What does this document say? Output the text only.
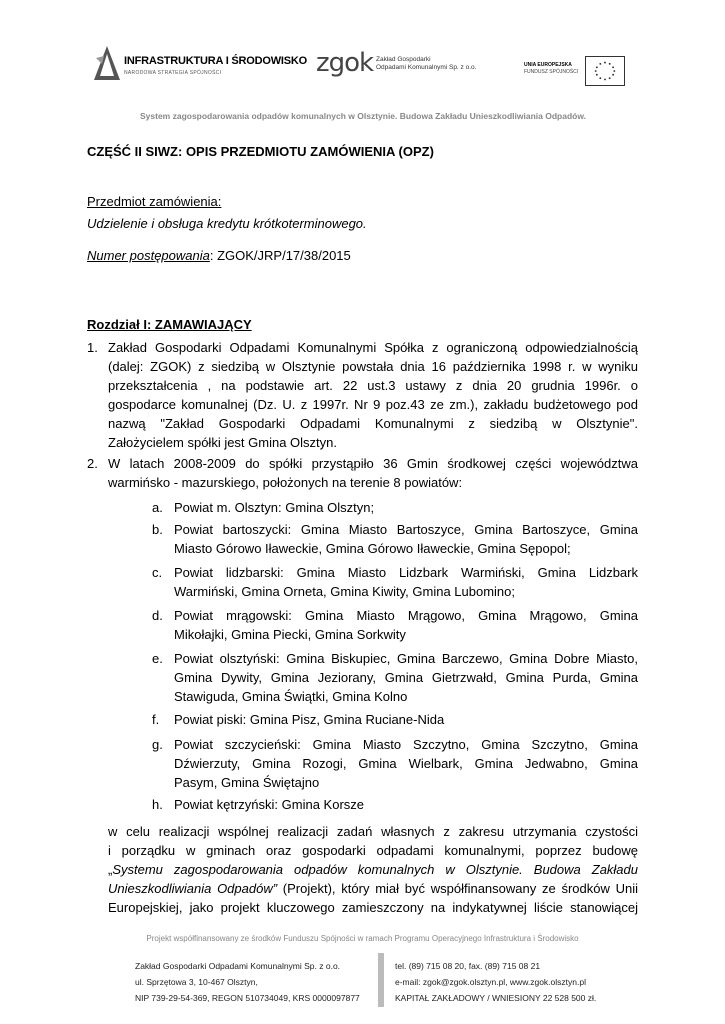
INFRASTRUKTURA I ŚRODOWISKO
NARODOWA STRATEGIA SPÓJNOŚCI	zgok Zakład Gospodarki
Odpadami Komunalnymi Sp. z o.o.	UNIA EUROPEJSKA
FUNDUSZ SPÓJNOŚCI
System zagospodarowania odpadów komunalnych w Olsztynie. Budowa Zakładu Unieszkodliwiania Odpadów.
CZĘŚĆ II SIWZ: OPIS PRZEDMIOTU ZAMÓWIENIA (OPZ)
Przedmiot zamówienia:
Udzielenie i obsługa kredytu krótkoterminowego.
Numer postępowania: ZGOK/JRP/17/38/2015
Rozdział I: ZAMAWIAJĄCY
1. Zakład Gospodarki Odpadami Komunalnymi Spółka z ograniczoną odpowiedzialnością
(dalej: ZGOK) z siedzibą w Olsztynie powstała dnia 16 października 1998 r. w wyniku
przekształcenia , na podstawie art. 22 ust.3 ustawy z dnia 20 grudnia 1996r. o
gospodarce komunalnej (Dz. U. z 1997r. Nr 9 poz.43 ze zm.), zakładu budżetowego pod
nazwą "Zakład Gospodarki Odpadami Komunalnymi z siedzibą w Olsztynie".
Założycielem spółki jest Gmina Olsztyn.
2. W latach 2008-2009 do spółki przystąpiło 36 Gmin środkowej części województwa
warmińsko - mazurskiego, położonych na terenie 8 powiatów:
a. Powiat m. Olsztyn: Gmina Olsztyn;
b. Powiat bartoszycki: Gmina Miasto Bartoszyce, Gmina Bartoszyce, Gmina
Miasto Górowo Iławeckie, Gmina Górowo Iławeckie, Gmina Sępopol;
c. Powiat lidzbarski: Gmina Miasto Lidzbark Warmiński, Gmina Lidzbark
Warmiński, Gmina Orneta, Gmina Kiwity, Gmina Lubomino;
d. Powiat mrągowski: Gmina Miasto Mrągowo, Gmina Mrągowo, Gmina
Mikołajki, Gmina Piecki, Gmina Sorkwity
e. Powiat olsztyński: Gmina Biskupiec, Gmina Barczewo, Gmina Dobre Miasto,
Gmina Dywity, Gmina Jeziorany, Gmina Gietrzwałd, Gmina Purda, Gmina
Stawiguda, Gmina Świątki, Gmina Kolno
f. Powiat piski: Gmina Pisz, Gmina Ruciane-Nida
g. Powiat szczycieński: Gmina Miasto Szczytno, Gmina Szczytno, Gmina
Dźwierzuty, Gmina Rozogi, Gmina Wielbark, Gmina Jedwabno, Gmina
Pasym, Gmina Świętajno
h. Powiat kętrzyński: Gmina Korsze
w celu realizacji wspólnej realizacji zadań własnych z zakresu utrzymania czystości
i porządku w gminach oraz gospodarki odpadami komunalnymi, poprzez budowę
„Systemu zagospodarowania odpadów komunalnych w Olsztynie. Budowa Zakładu
Unieszkodliwiania Odpadów” (Projekt), który miał być współfinansowany ze środków Unii
Europejskiej, jako projekt kluczowego zamieszczony na indykatywnej liście stanowiącej
Projekt współfinansowany ze środków Funduszu Spójności w ramach Programu Operacyjnego Infrastruktura i Środowisko
Zakład Gospodarki Odpadami Komunalnymi Sp. z o.o.
ul. Sprzętowa 3, 10-467 Olsztyn,
NIP 739-29-54-369, REGON 510734049, KRS 0000097877
tel. (89) 715 08 20, fax. (89) 715 08 21
e-mail: zgok@zgok.olsztyn.pl, www.zgok.olsztyn.pl
KAPITAŁ ZAKŁADOWY / WNIESIONY 22 528 500 zł.
